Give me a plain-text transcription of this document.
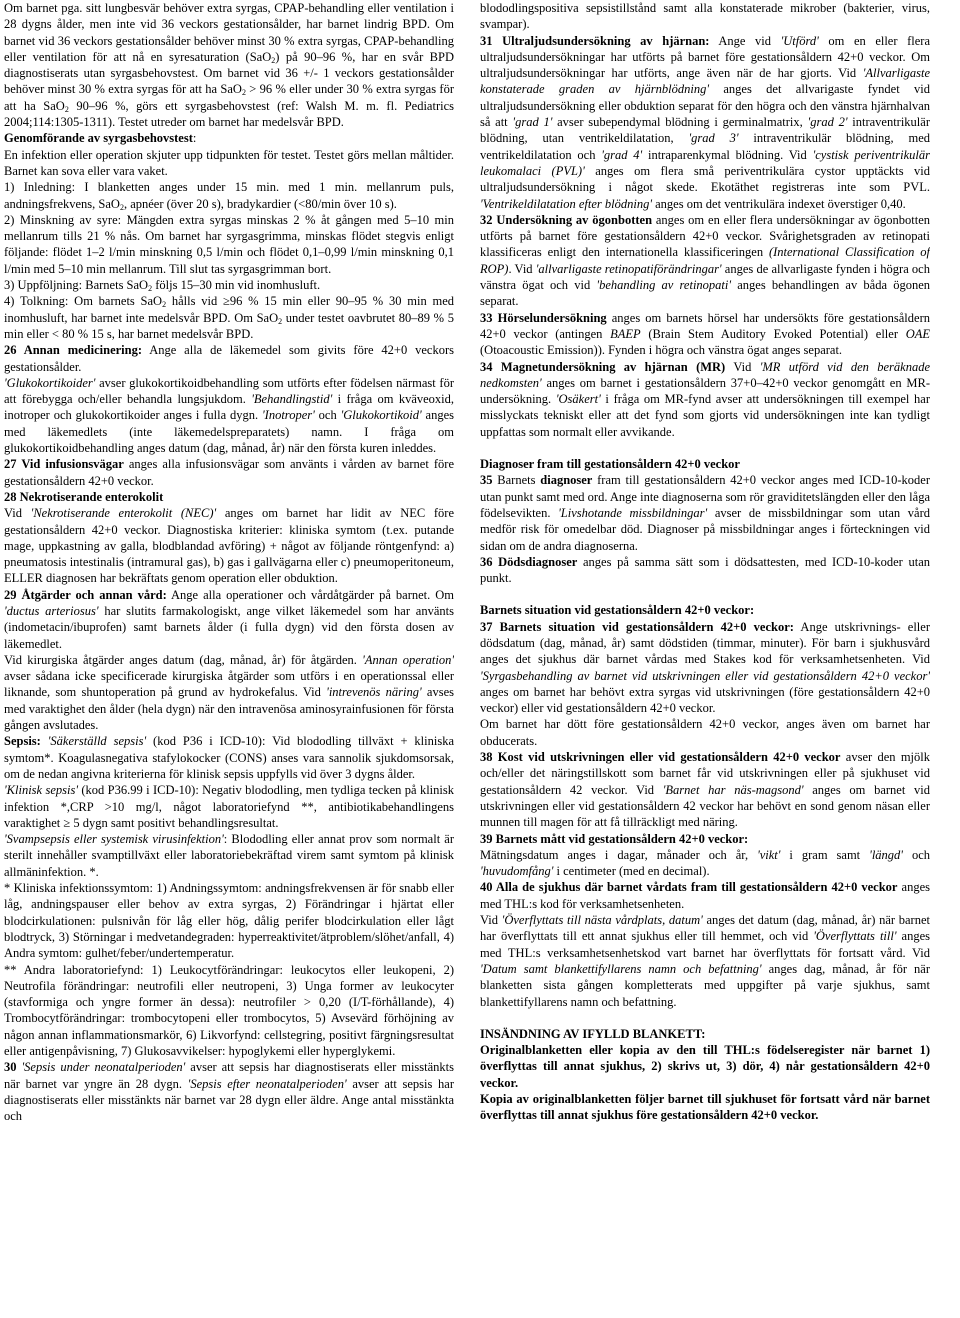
Om barnet pga. sitt lungbesvär behöver extra syrgas, CPAP-behandling eller ventilation i 28 dygns ålder, men inte vid 36 veckors gestationsålder, har barnet lindrig BPD. Om barnet vid 36 veckors gestationsålder behöver minst 30 % extra syrgas, CPAP-behandling eller ventilation för att nå en syresaturation (SaO$_2$) på 90–96 %, har en svår BPD diagnostiserats utan syrgasbehovstest. Om barnet vid 36 +/- 1 veckors gestationsålder behöver minst 30 % extra syrgas för att ha SaO$_2$ > 96 % eller under 30 % extra syrgas för att ha SaO$_2$ 90–96 %, görs ett syrgasbehovstest (ref: Walsh M. m. fl. Pediatrics 2004;114:1305-1311). Testet utreder om barnet har medelsvår BPD.

Genomförande av syrgasbehovstest:

En infektion eller operation skjuter upp tidpunkten för testet. Testet görs mellan måltider. Barnet kan sova eller vara vaket.

1) Inledning: I blanketten anges under 15 min. med 1 min. mellanrum puls, andningsfrekvens, SaO$_2$, apnéer (över 20 s), bradykardier (<80/min över 10 s).

2) Minskning av syre: Mängden extra syrgas minskas 2 % åt gången med 5–10 min mellanrum tills 21 % nås. Om barnet har syrgasgrimma, minskas flödet stegvis enligt följande: flödet 1–2 l/min minskning 0,5 l/min och flödet 0,1–0,99 l/min minskning 0,1 l/min med 5–10 min mellanrum. Till slut tas syrgasgrimman bort.

3) Uppföljning: Barnets SaO$_2$ följs 15–30 min vid inomhusluft.

4) Tolkning: Om barnets SaO$_2$ hålls vid ≥96 % 15 min eller 90–95 % 30 min med inomhusluft, har barnet inte medelsvår BPD. Om SaO$_2$ under testet oavbrutet 80–89 % 5 min eller < 80 % 15 s, har barnet medelsvår BPD.

26 Annan medicinering: Ange alla de läkemedel som givits före 42+0 veckors gestationsålder.

'Glukokortikoider' avser glukokortikoidbehandling som utförts efter födelsen närmast för att förebygga och/eller behandla lungsjukdom. 'Behandlingstid' i fråga om kväveoxid, inotroper och glukokortikoider anges i fulla dygn. 'Inotroper' och 'Glukokortikoid' anges med läkemedlets (inte läkemedelspreparatets) namn. I fråga om glukokortikoidbehandling anges datum (dag, månad, år) när den första kuren inleddes.

27 Vid infusionsvägar anges alla infusionsvägar som använts i vården av barnet före gestationsåldern 42+0 veckor.

28 Nekrotiserande enterokolit

Vid 'Nekrotiserande enterokolit (NEC)' anges om barnet har lidit av NEC före gestationsåldern 42+0 veckor. Diagnostiska kriterier: kliniska symtom (t.ex. putande mage, uppkastning av galla, blodblandad avföring) + något av följande röntgenfynd: a) pneumatosis intestinalis (intramural gas), b) gas i gallvägarna eller c) pneumoperitoneum, ELLER diagnosen har bekräftats genom operation eller obduktion.

29 Åtgärder och annan vård: Ange alla operationer och vårdåtgärder på barnet. Om 'ductus arteriosus' har slutits farmakologiskt, ange vilket läkemedel som har använts (indometacin/ibuprofen) samt barnets ålder (i fulla dygn) vid den första dosen av läkemedlet.

Vid kirurgiska åtgärder anges datum (dag, månad, år) för åtgärden. 'Annan operation' avser sådana icke specificerade kirurgiska åtgärder som utförs i en operationssal eller liknande, som shuntoperation på grund av hydrokefalus. Vid 'intrevenös näring' avses med varaktighet den ålder (hela dygn) när den intravenösa aminosyrainfusionen för första gången avslutades.

Sepsis: 'Säkerställd sepsis' (kod P36 i ICD-10): Vid blododling tillväxt + kliniska symtom*. Koagulasnegativa stafylokocker (CONS) anses vara sannolik sjukdomsorsak, om de nedan angivna kriterierna för klinisk sepsis uppfylls vid över 3 dygns ålder.

'Klinisk sepsis' (kod P36.99 i ICD-10): Negativ blododling, men tydliga tecken på klinisk infektion *,CRP >10 mg/l, något laboratoriefynd **, antibiotikabehandlingens varaktighet ≥ 5 dygn samt positivt behandlingsresultat.

'Svampsepsis eller systemisk virusinfektion': Blododling eller annat prov som normalt är sterilt innehåller svamptillväxt eller laboratoriebekräftad virem samt symtom på klinisk allmäninfektion. *.

* Kliniska infektionssymtom: 1) Andningssymtom: andningsfrekvensen är för snabb eller låg, andningspauser eller behov av extra syrgas, 2) Förändringar i hjärtat eller blodcirkulationen: pulsnivån för låg eller hög, dålig perifer blodcirkulation eller lågt blodtryck, 3) Störningar i medvetandegraden: hyperreaktivitet/ätproblem/slöhet/anfall, 4) Andra symtom: gulhet/feber/undertemperatur.

** Andra laboratoriefynd: 1) Leukocytförändringar: leukocytos eller leukopeni, 2) Neutrofila förändringar: neutrofili eller neutropeni, 3) Unga former av leukocyter (stavformiga och yngre former än dessa): neutrofiler > 0,20 (I/T-förhållande), 4) Trombocytförändringar: trombocytopeni eller trombocytos, 5) Avsevärd förhöjning av någon annan inflammationsmarkör, 6) Likvorfynd: cellstegring, positivt färgningsresultat eller antigenpåvisning, 7) Glukosavvikelser: hypoglykemi eller hyperglykemi.

30 'Sepsis under neonatalperioden' avser att sepsis har diagnostiserats eller misstänkts när barnet var yngre än 28 dygn. 'Sepsis efter neonatalperioden' avser att sepsis har diagnostiserats eller misstänkts när barnet var 28 dygn eller äldre. Ange antal misstänkta och

blododlingspositiva sepsistillstånd samt alla konstaterade mikrober (bakterier, virus, svampar).

31 Ultraljudsundersökning av hjärnan: Ange vid 'Utförd' om en eller flera ultraljudsundersökningar har utförts på barnet före gestationsåldern 42+0 veckor. Om ultraljudsundersökningar har utförts, ange även när de har gjorts. Vid 'Allvarligaste konstaterade graden av hjärnblödning' anges det allvarigaste fyndet vid ultraljudsundersökning eller obduktion separat för den högra och den vänstra hjärnhalvan så att 'grad 1' avser subependymal blödning i germinalmatrix, 'grad 2' intraventrikulär blödning, utan ventrikeldilatation, 'grad 3' intraventrikulär blödning, med ventrikeldilatation och 'grad 4' intraparenkymal blödning. Vid 'cystisk periventrikulär leukomalaci (PVL)' anges om flera små periventrikulära cystor upptäckts vid ultraljudsundersökning i något skede. Ekotäthet registreras inte som PVL. 'Ventrikeldilatation efter blödning' anges om det ventrikulära indexet överstiger 0,40.

32 Undersökning av ögonbotten anges om en eller flera undersökningar av ögonbotten utförts på barnet före gestationsåldern 42+0 veckor. Svårighetsgraden av retinopati klassificeras enligt den internationella klassificeringen (International Classification of ROP). Vid 'allvarligaste retinopatiförändringar' anges de allvarligaste fynden i högra och vänstra ögat och vid 'behandling av retinopati' anges behandlingen av båda ögonen separat.

33 Hörselundersökning anges om barnets hörsel har undersökts före gestationsåldern 42+0 veckor (antingen BAEP (Brain Stem Auditory Evoked Potential) eller OAE (Otoacoustic Emission)). Fynden i högra och vänstra ögat anges separat.

34 Magnetundersökning av hjärnan (MR) Vid 'MR utförd vid den beräknade nedkomsten' anges om barnet i gestationsåldern 37+0–42+0 veckor genomgått en MR-undersökning. 'Osäkert' i fråga om MR-fynd avser att undersökningen till exempel har misslyckats tekniskt eller att det fynd som gjorts vid undersökningen inte kan tydligt uppfattas som normalt eller avvikande.

Diagnoser fram till gestationsåldern 42+0 veckor

35 Barnets diagnoser fram till gestationsåldern 42+0 veckor anges med ICD-10-koder utan punkt samt med ord. Ange inte diagnoserna som rör graviditetslängden eller den låga födelsevikten. 'Livshotande missbildningar' avser de missbildningar som utan vård medför risk för omedelbar död. Diagnoser på missbildningar anges i förteckningen vid sidan om de andra diagnoserna.

36 Dödsdiagnoser anges på samma sätt som i dödsattesten, med ICD-10-koder utan punkt.

Barnets situation vid gestationsåldern 42+0 veckor:

37 Barnets situation vid gestationsåldern 42+0 veckor: Ange utskrivnings- eller dödsdatum (dag, månad, år) samt dödstiden (timmar, minuter). För barn i sjukhusvård anges det sjukhus där barnet vårdas med Stakes kod för verksamhetsenheten. Vid 'Syrgasbehandling av barnet vid utskrivningen eller vid gestationsåldern 42+0 veckor' anges om barnet har behövt extra syrgas vid utskrivningen (före gestationsåldern 42+0 veckor) eller vid gestationsåldern 42+0 veckor.

Om barnet har dött före gestationsåldern 42+0 veckor, anges även om barnet har obducerats.

38 Kost vid utskrivningen eller vid gestationsåldern 42+0 veckor avser den mjölk och/eller det näringstillskott som barnet får vid utskrivningen eller på sjukhuset vid gestationsåldern 42 veckor. Vid 'Barnet har näs-magsond' anges om barnet vid utskrivningen eller vid gestationsåldern 42 veckor har behövt en sond genom näsan eller munnen till magen för att få tillräckligt med näring.

39 Barnets mått vid gestationsåldern 42+0 veckor:

Mätningsdatum anges i dagar, månader och år, 'vikt' i gram samt 'längd' och 'huvudomfång' i centimeter (med en decimal).

40 Alla de sjukhus där barnet vårdats fram till gestationsåldern 42+0 veckor anges med THL:s kod för verksamhetsenheten.

Vid 'Överflyttats till nästa vårdplats, datum' anges det datum (dag, månad, år) när barnet har överflyttats till ett annat sjukhus eller till hemmet, och vid 'Överflyttats till' anges med THL:s verksamhetsenhetskod vart barnet har överflyttats för fortsatt vård. Vid 'Datum samt blankettifyllarens namn och befattning' anges dag, månad, år för när blanketten sista gången kompletterats med uppgifter på varje sjukhus, samt blankettifyllarens namn och befattning.

INSÄNDNING AV IFYLLD BLANKETT:

Originalblanketten eller kopia av den till THL:s födelseregister när barnet 1) överflyttas till annat sjukhus, 2) skrivs ut, 3) dör, 4) når gestationsåldern 42+0 veckor.

Kopia av originalblanketten följer barnet till sjukhuset för fortsatt vård när barnet överflyttas till annat sjukhus före gestationsåldern 42+0 veckor.
